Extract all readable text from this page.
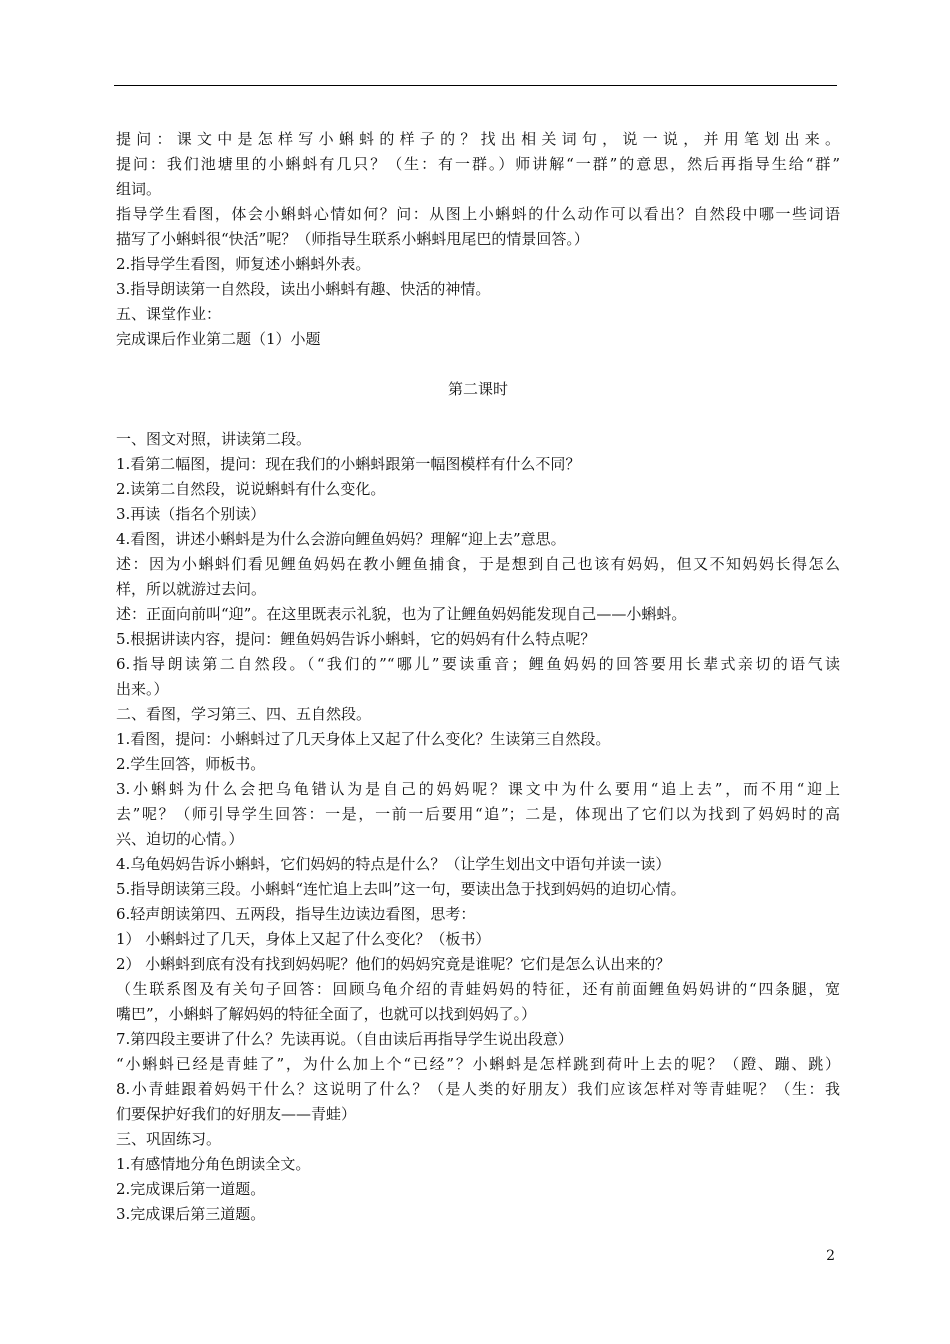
提问：课文中是怎样写小蝌蚪的样子的？找出相关词句，说一说，并用笔划出来。
提问：我们池塘里的小蝌蚪有几只？（生：有一群。）师讲解“一群”的意思，然后再指导生给“群”
组词。
指导学生看图，体会小蝌蚪心情如何？问：从图上小蝌蚪的什么动作可以看出？自然段中哪一些词语
描写了小蝌蚪很“快活”呢？（师指导生联系小蝌蚪甩尾巴的情景回答。）
2.指导学生看图，师复述小蝌蚪外表。
3.指导朗读第一自然段，读出小蝌蚪有趣、快活的神情。
五、课堂作业：
完成课后作业第二题（1）小题
第二课时
一、图文对照，讲读第二段。
1.看第二幅图，提问：现在我们的小蝌蚪跟第一幅图模样有什么不同？
2.读第二自然段，说说蝌蚪有什么变化。
3.再读（指名个别读）
4.看图，讲述小蝌蚪是为什么会游向鲤鱼妈妈？理解“迎上去”意思。
述：因为小蝌蚪们看见鲤鱼妈妈在教小鲤鱼捕食，于是想到自己也该有妈妈，但又不知妈妈长得怎么
样，所以就游过去问。
述：正面向前叫“迎”。在这里既表示礼貌，也为了让鲤鱼妈妈能发现自己——小蝌蚪。
5.根据讲读内容，提问：鲤鱼妈妈告诉小蝌蚪，它的妈妈有什么特点呢？
6.指导朗读第二自然段。（“我们的”“哪儿”要读重音；鲤鱼妈妈的回答要用长辈式亲切的语气读
出来。）
二、看图，学习第三、四、五自然段。
1.看图，提问：小蝌蚪过了几天身体上又起了什么变化？生读第三自然段。
2.学生回答，师板书。
3.小蝌蚪为什么会把乌龟错认为是自己的妈妈呢？课文中为什么要用“追上去”，而不用“迎上
去”呢？（师引导学生回答：一是，一前一后要用“追”；二是，体现出了它们以为找到了妈妈时的高
兴、迫切的心情。）
4.乌龟妈妈告诉小蝌蚪，它们妈妈的特点是什么？（让学生划出文中语句并读一读）
5.指导朗读第三段。小蝌蚪“连忙追上去叫”这一句，要读出急于找到妈妈的迫切心情。
6.轻声朗读第四、五两段，指导生边读边看图，思考：
1） 小蝌蚪过了几天，身体上又起了什么变化？（板书）
2） 小蝌蚪到底有没有找到妈妈呢？他们的妈妈究竟是谁呢？它们是怎么认出来的？
（生联系图及有关句子回答：回顾乌龟介绍的青蛙妈妈的特征，还有前面鲤鱼妈妈讲的“四条腿，宽
嘴巴”，小蝌蚪了解妈妈的特征全面了，也就可以找到妈妈了。）
7.第四段主要讲了什么？先读再说。（自由读后再指导学生说出段意）
“小蝌蚪已经是青蛙了”，为什么加上个“已经”？小蝌蚪是怎样跳到荷叶上去的呢？（蹬、蹦、跳）
8.小青蛙跟着妈妈干什么？这说明了什么？（是人类的好朋友）我们应该怎样对等青蛙呢？（生：我
们要保护好我们的好朋友——青蛙）
三、巩固练习。
1.有感情地分角色朗读全文。
2.完成课后第一道题。
3.完成课后第三道题。
2
